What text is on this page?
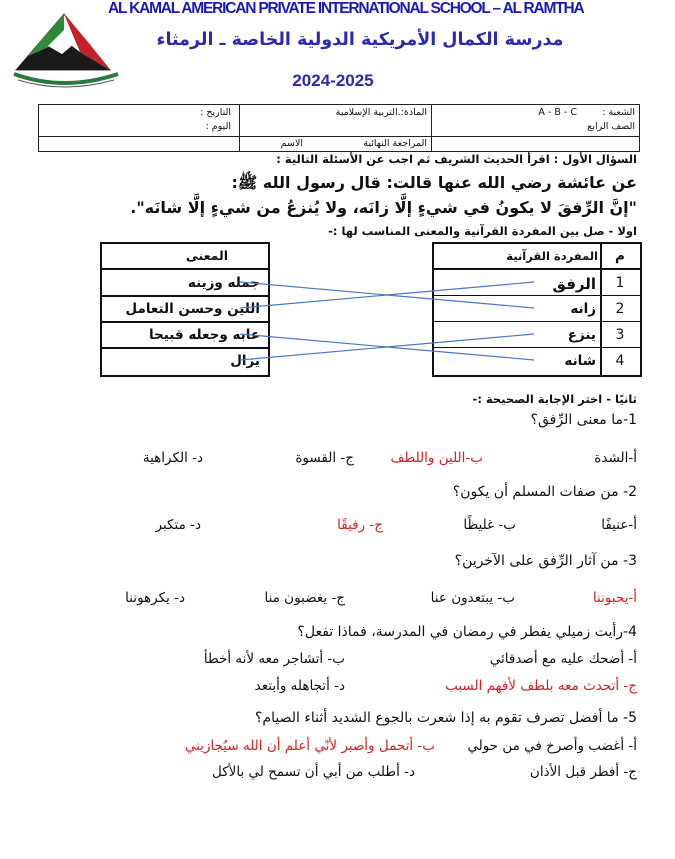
AL KAMAL AMERICAN PRIVATE INTERNATIONAL SCHOOL – AL RAMTHA
مدرسة الكمال الأمريكية الدولية الخاصة ـ الرمثاء
2024-2025
الشعبة :
A - B - C
الصف الرابع
المادة:.التربية الإسلامية
التاريخ :
اليوم :
المراجعة النهائية
الاسم
السؤال الأول : اقرأ الحديث الشريف ثم اجب عن الأسئلة التالية :
عن عائشة رضي الله عنها قالت: قال رسول الله ﷺ:
"إنَّ الرِّفقَ لا يكونُ في شيءٍ إلَّا زانَه، ولا يُنزعُ من شيءٍ إلَّا شانَه".
اولا - صل بين المفردة القرآنية والمعنى المناسب لها :-
م
المفردة القرآنية
1
الرفق
2
زانه
3
ينزع
4
شانه
المعنى
جمله وزينه
اللين وحسن التعامل
عابه وجعله قبيحا
يزال
ثانيًا - اختر الإجابة الصحيحة :-
1-ما معنى الرِّفق؟
أ-الشدة
ب-اللين واللطف
ج- القسوة
د- الكراهية
2- من صفات المسلم أن يكون؟
أ-عنيفًا
ب- غليظًا
ج- رفيقًا
د- متكبر
3- من آثار الرِّفق على الآخرين؟
أ-يحبوننا
ب- يبتعدون عنا
ج- يغضبون منا
د- يكرهوننا
4-رأيت زميلي يفطر في رمضان في المدرسة، فماذا تفعل؟
أ- أضحك عليه مع أصدقائي
ب- أتشاجر معه لأنه أخطأ
ج- أتحدث معه بلطف لأفهم السبب
د- أتجاهله وأبتعد
5- ما أفضل تصرف تقوم به إذا شعرت بالجوع الشديد أثناء الصيام؟
أ- أغضب وأصرخ في من حولي
ب- أتحمل وأصبر لأنّي أعلم أن الله سيُجازيني
ج- أفطر قبل الأذان
د- أطلب من أبي أن تسمح لي بالأكل
